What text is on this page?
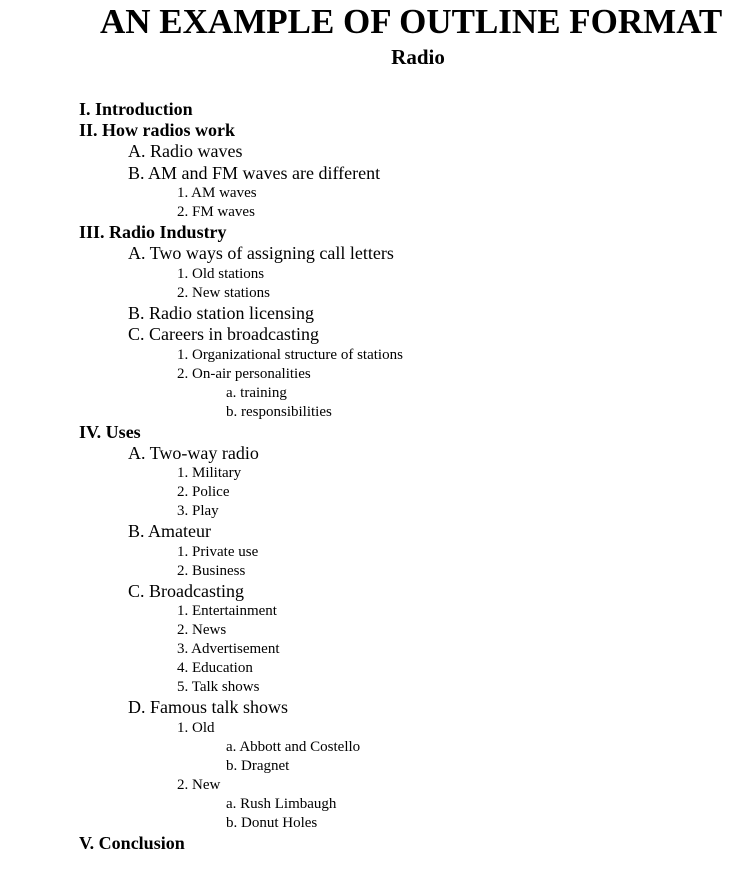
AN EXAMPLE OF OUTLINE FORMAT
Radio
I. Introduction
II. How radios work
A. Radio waves
B. AM and FM waves are different
1. AM waves
2. FM waves
III. Radio Industry
A. Two ways of assigning call letters
1. Old stations
2. New stations
B. Radio station licensing
C. Careers in broadcasting
1. Organizational structure of stations
2. On-air personalities
a. training
b. responsibilities
IV. Uses
A. Two-way radio
1. Military
2. Police
3. Play
B. Amateur
1. Private use
2. Business
C. Broadcasting
1. Entertainment
2. News
3. Advertisement
4. Education
5. Talk shows
D. Famous talk shows
1. Old
a. Abbott and Costello
b. Dragnet
2. New
a. Rush Limbaugh
b. Donut Holes
V. Conclusion
